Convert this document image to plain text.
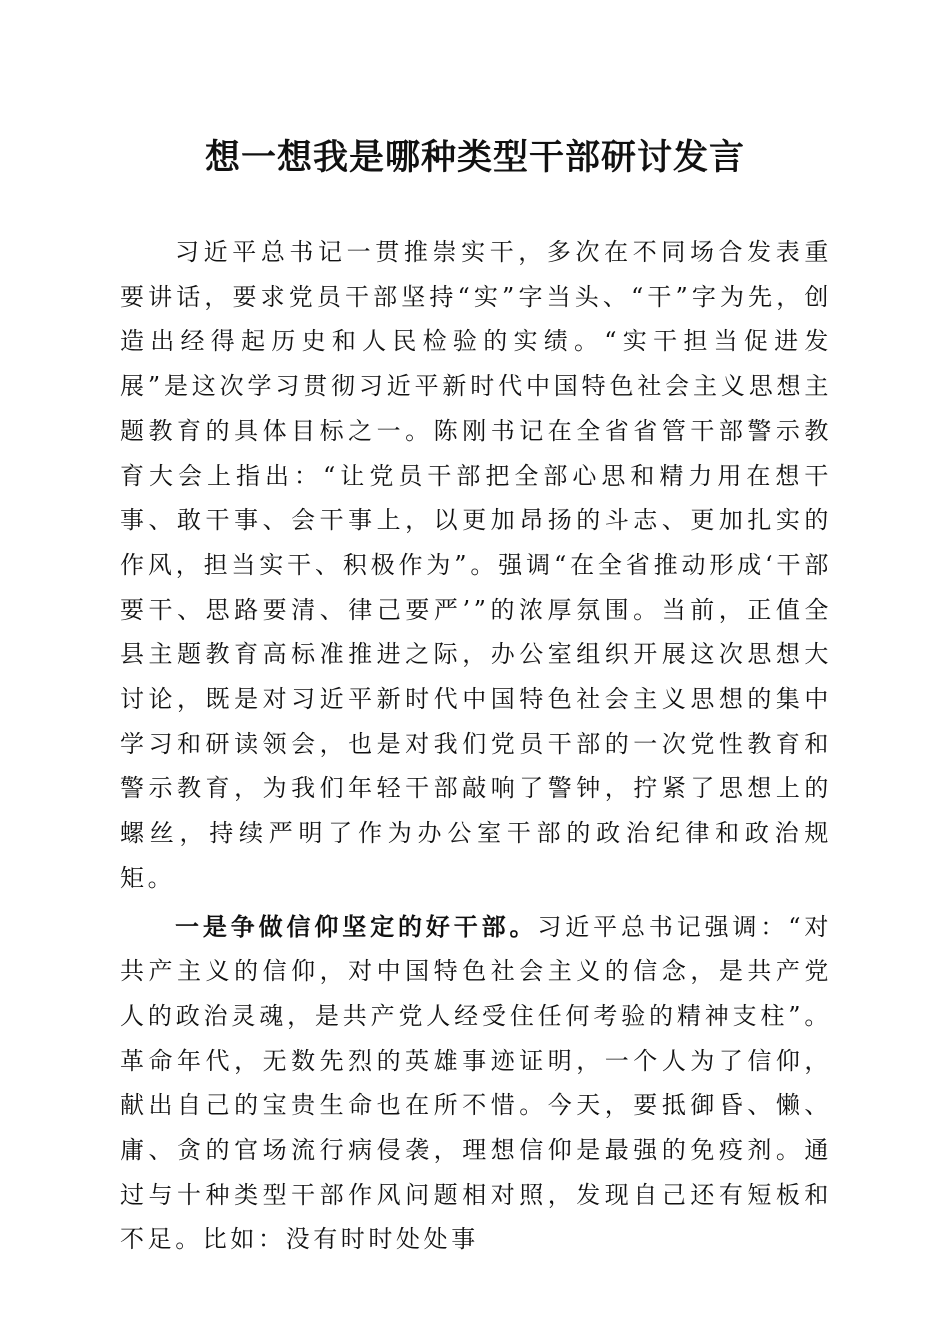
想一想我是哪种类型干部研讨发言

习近平总书记一贯推崇实干，多次在不同场合发表重要讲话，要求党员干部坚持“实”字当头、“干”字为先，创造出经得起历史和人民检验的实绩。“实干担当促进发展”是这次学习贯彻习近平新时代中国特色社会主义思想主题教育的具体目标之一。陈刚书记在全省省管干部警示教育大会上指出：“让党员干部把全部心思和精力用在想干事、敢干事、会干事上，以更加昂扬的斗志、更加扎实的作风，担当实干、积极作为”。强调“在全省推动形成‘干部要干、思路要清、律己要严’”的浓厚氛围。当前，正值全县主题教育高标准推进之际，办公室组织开展这次思想大讨论，既是对习近平新时代中国特色社会主义思想的集中学习和研读领会，也是对我们党员干部的一次党性教育和警示教育，为我们年轻干部敲响了警钟，拧紧了思想上的螺丝，持续严明了作为办公室干部的政治纪律和政治规矩。

一是争做信仰坚定的好干部。习近平总书记强调：“对共产主义的信仰，对中国特色社会主义的信念，是共产党人的政治灵魂，是共产党人经受住任何考验的精神支柱”。革命年代，无数先烈的英雄事迹证明，一个人为了信仰，献出自己的宝贵生命也在所不惜。今天，要抵御昏、懒、庸、贪的官场流行病侵袭，理想信仰是最强的免疫剂。通过与十种类型干部作风问题相对照，发现自己还有短板和不足。比如：没有时时处处事
